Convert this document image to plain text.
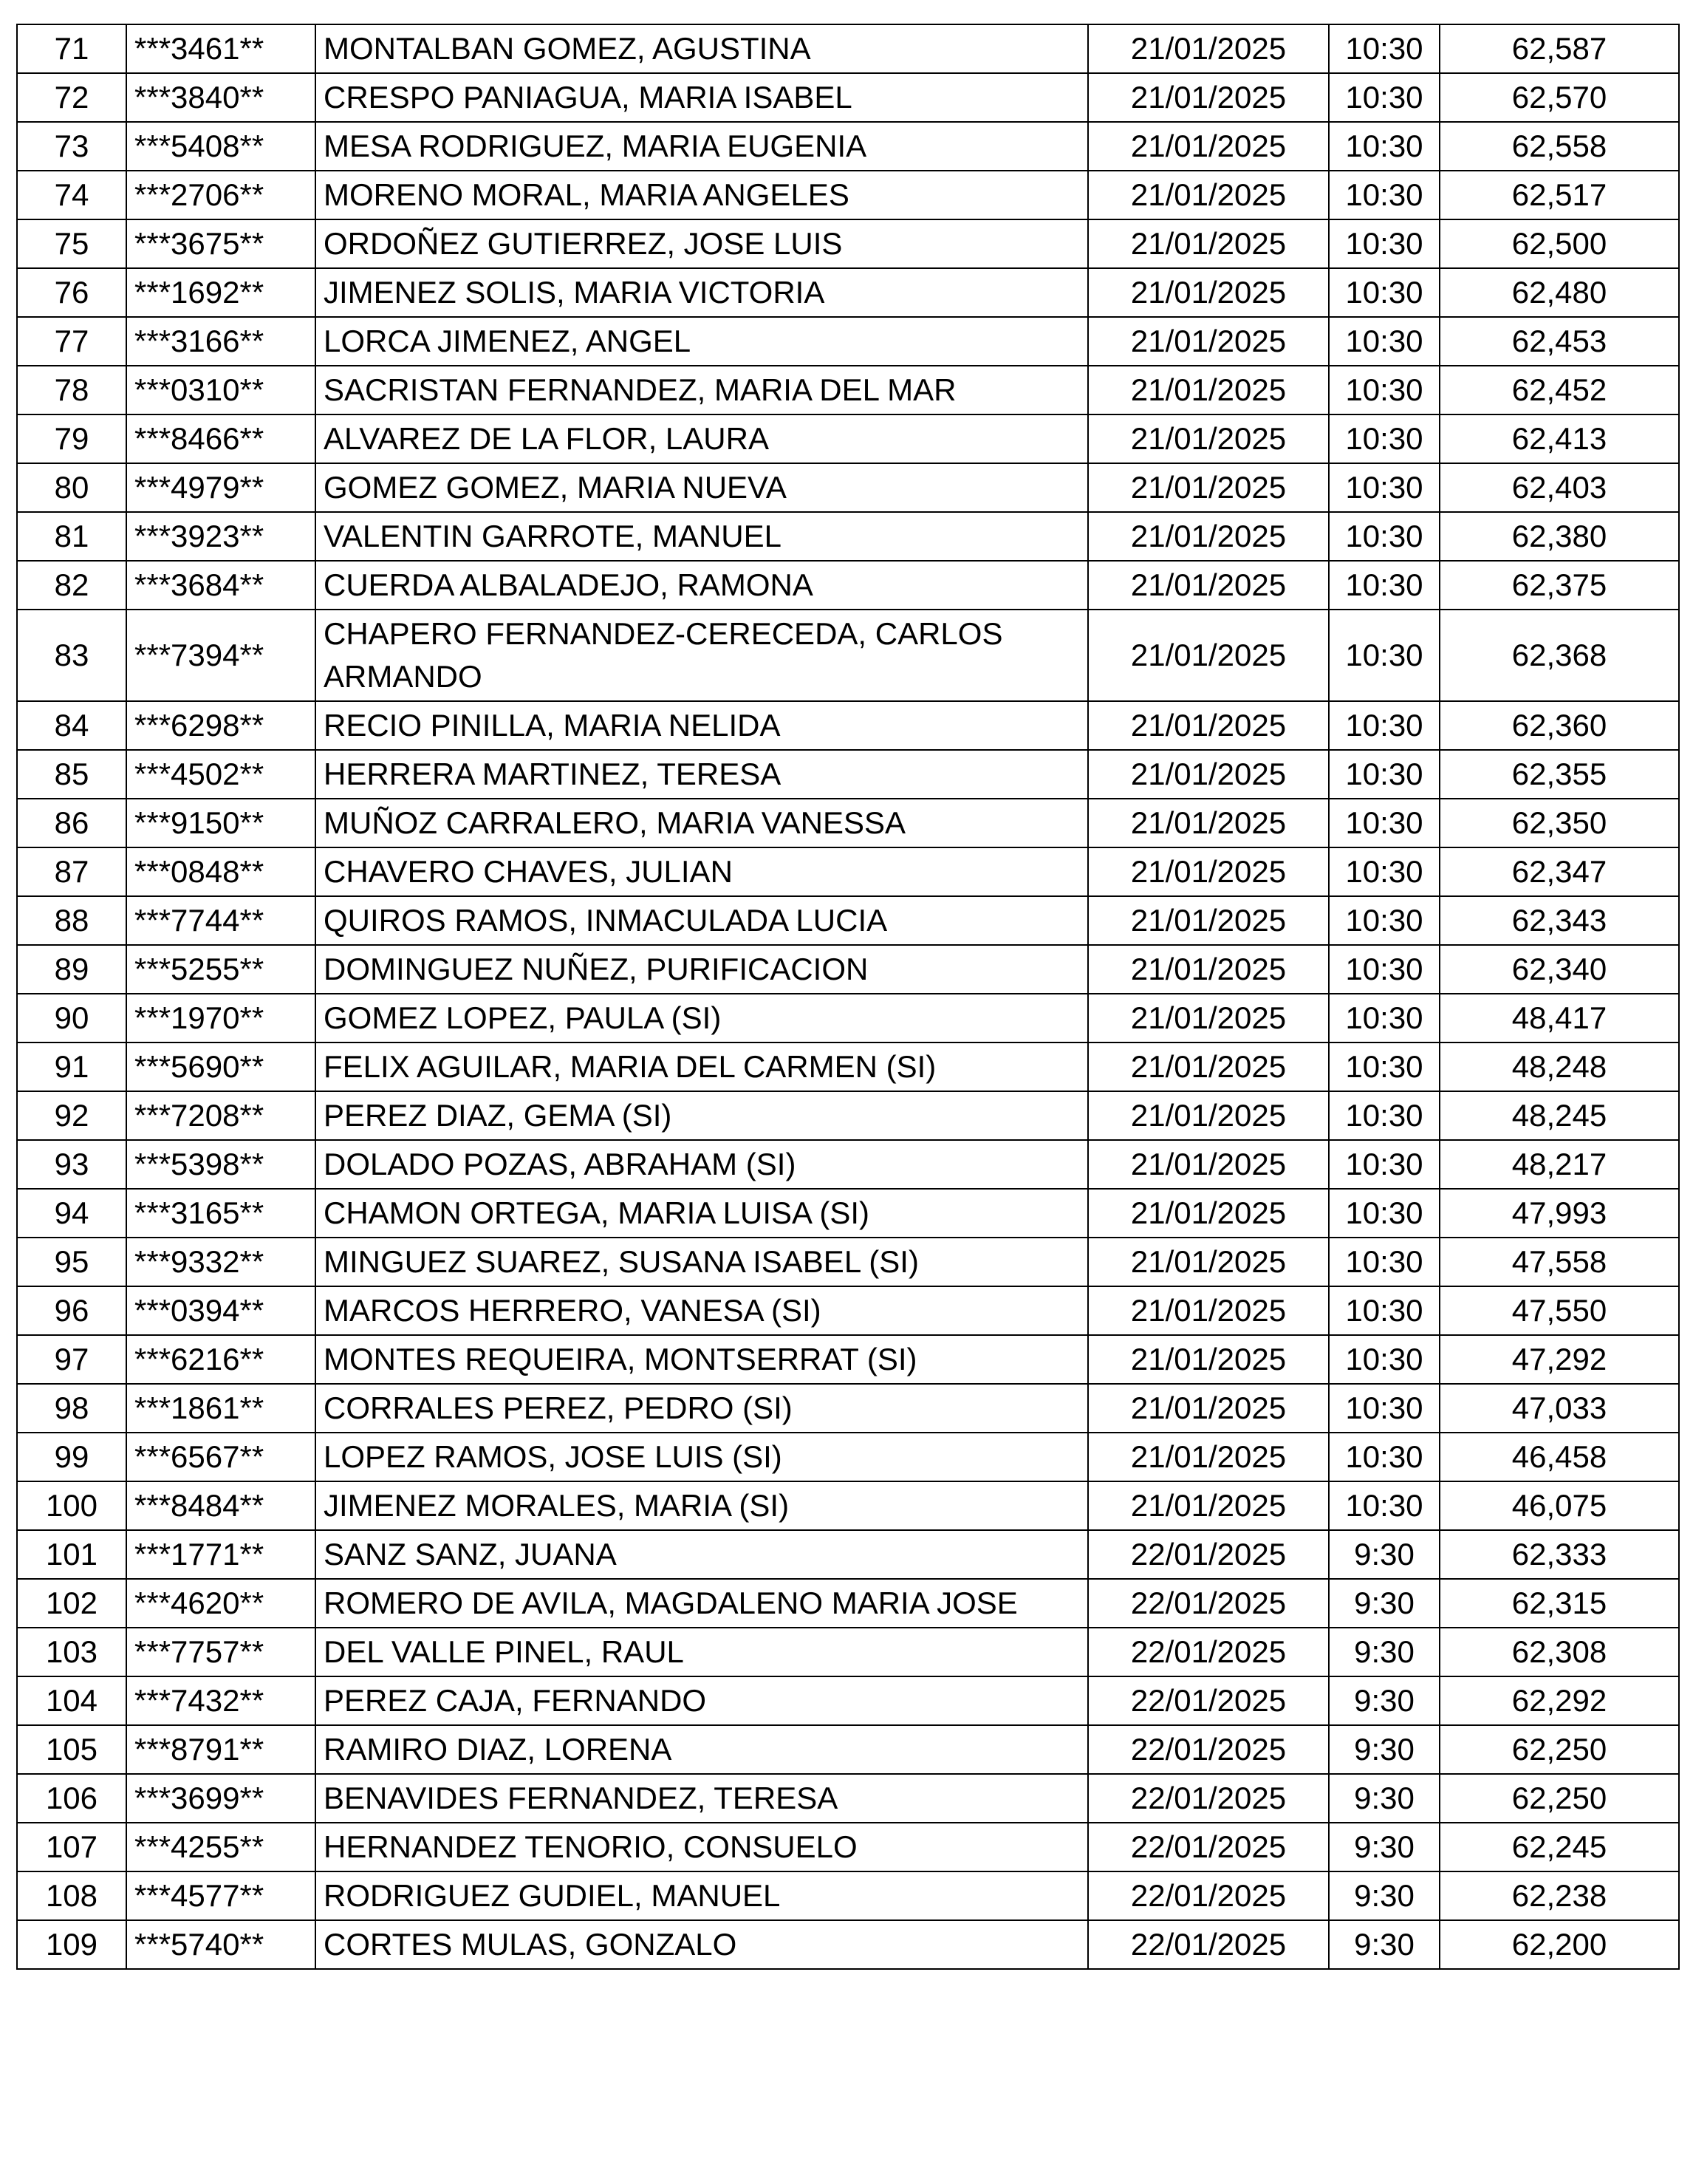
71	***3461**	MONTALBAN GOMEZ, AGUSTINA	21/01/2025	10:30	62,587
72	***3840**	CRESPO PANIAGUA, MARIA ISABEL	21/01/2025	10:30	62,570
73	***5408**	MESA RODRIGUEZ, MARIA EUGENIA	21/01/2025	10:30	62,558
74	***2706**	MORENO MORAL, MARIA ANGELES	21/01/2025	10:30	62,517
75	***3675**	ORDOÑEZ GUTIERREZ, JOSE LUIS	21/01/2025	10:30	62,500
76	***1692**	JIMENEZ SOLIS, MARIA VICTORIA	21/01/2025	10:30	62,480
77	***3166**	LORCA JIMENEZ, ANGEL	21/01/2025	10:30	62,453
78	***0310**	SACRISTAN FERNANDEZ, MARIA DEL MAR	21/01/2025	10:30	62,452
79	***8466**	ALVAREZ DE LA FLOR, LAURA	21/01/2025	10:30	62,413
80	***4979**	GOMEZ GOMEZ, MARIA NUEVA	21/01/2025	10:30	62,403
81	***3923**	VALENTIN GARROTE, MANUEL	21/01/2025	10:30	62,380
82	***3684**	CUERDA ALBALADEJO, RAMONA	21/01/2025	10:30	62,375
83	***7394**	CHAPERO FERNANDEZ-CERECEDA, CARLOS ARMANDO	21/01/2025	10:30	62,368
84	***6298**	RECIO PINILLA, MARIA NELIDA	21/01/2025	10:30	62,360
85	***4502**	HERRERA MARTINEZ, TERESA	21/01/2025	10:30	62,355
86	***9150**	MUÑOZ CARRALERO, MARIA VANESSA	21/01/2025	10:30	62,350
87	***0848**	CHAVERO CHAVES, JULIAN	21/01/2025	10:30	62,347
88	***7744**	QUIROS RAMOS, INMACULADA LUCIA	21/01/2025	10:30	62,343
89	***5255**	DOMINGUEZ NUÑEZ, PURIFICACION	21/01/2025	10:30	62,340
90	***1970**	GOMEZ LOPEZ, PAULA (SI)	21/01/2025	10:30	48,417
91	***5690**	FELIX AGUILAR, MARIA DEL CARMEN (SI)	21/01/2025	10:30	48,248
92	***7208**	PEREZ DIAZ, GEMA (SI)	21/01/2025	10:30	48,245
93	***5398**	DOLADO POZAS, ABRAHAM (SI)	21/01/2025	10:30	48,217
94	***3165**	CHAMON ORTEGA, MARIA LUISA (SI)	21/01/2025	10:30	47,993
95	***9332**	MINGUEZ SUAREZ, SUSANA ISABEL (SI)	21/01/2025	10:30	47,558
96	***0394**	MARCOS HERRERO, VANESA (SI)	21/01/2025	10:30	47,550
97	***6216**	MONTES REQUEIRA, MONTSERRAT (SI)	21/01/2025	10:30	47,292
98	***1861**	CORRALES PEREZ, PEDRO (SI)	21/01/2025	10:30	47,033
99	***6567**	LOPEZ RAMOS, JOSE LUIS (SI)	21/01/2025	10:30	46,458
100	***8484**	JIMENEZ MORALES, MARIA (SI)	21/01/2025	10:30	46,075
101	***1771**	SANZ SANZ, JUANA	22/01/2025	9:30	62,333
102	***4620**	ROMERO DE AVILA, MAGDALENO MARIA JOSE	22/01/2025	9:30	62,315
103	***7757**	DEL VALLE PINEL, RAUL	22/01/2025	9:30	62,308
104	***7432**	PEREZ CAJA, FERNANDO	22/01/2025	9:30	62,292
105	***8791**	RAMIRO DIAZ, LORENA	22/01/2025	9:30	62,250
106	***3699**	BENAVIDES FERNANDEZ, TERESA	22/01/2025	9:30	62,250
107	***4255**	HERNANDEZ TENORIO, CONSUELO	22/01/2025	9:30	62,245
108	***4577**	RODRIGUEZ GUDIEL, MANUEL	22/01/2025	9:30	62,238
109	***5740**	CORTES MULAS, GONZALO	22/01/2025	9:30	62,200
